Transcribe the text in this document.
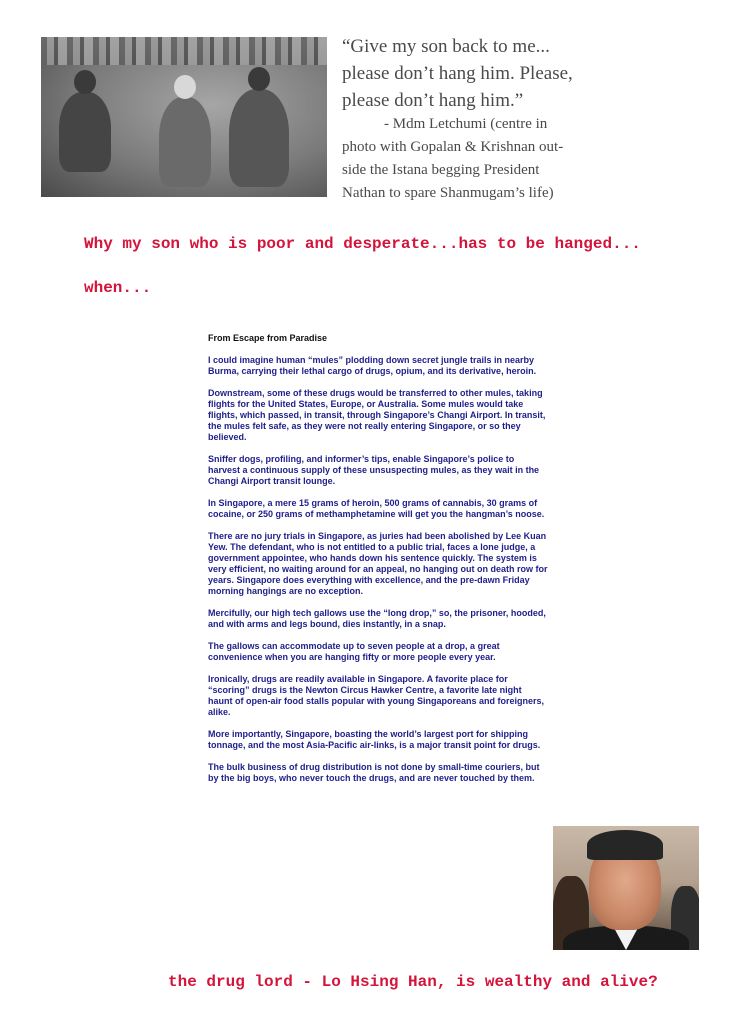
“Give my son back to me...
please don’t hang him. Please,
please don’t hang him.”
- Mdm Letchumi (centre in
photo with Gopalan & Krishnan out-
side the Istana begging President
Nathan to spare Shanmugam’s life)
Why my son who is poor and desperate...has to be hanged...
when...
From Escape from Paradise

I could imagine human “mules” plodding down secret jungle trails in nearby Burma, carrying their lethal cargo of drugs, opium, and its derivative, heroin.

Downstream, some of these drugs would be transferred to other mules, taking flights for the United States, Europe, or Australia. Some mules would take flights, which passed, in transit, through Singapore’s Changi Airport. In transit, the mules felt safe, as they were not really entering Singapore, or so they believed.

Sniffer dogs, profiling, and informer’s tips, enable Singapore’s police to harvest a continuous supply of these unsuspecting mules, as they wait in the Changi Airport transit lounge.

In Singapore, a mere 15 grams of heroin, 500 grams of cannabis, 30 grams of cocaine, or 250 grams of methamphetamine will get you the hangman’s noose.

There are no jury trials in Singapore, as juries had been abolished by Lee Kuan Yew. The defendant, who is not entitled to a public trial, faces a lone judge, a government appointee, who hands down his sentence quickly. The system is very efficient, no waiting around for an appeal, no hanging out on death row for years. Singapore does everything with excellence, and the pre-dawn Friday morning hangings are no exception.

Mercifully, our high tech gallows use the “long drop,” so, the prisoner, hooded, and with arms and legs bound, dies instantly, in a snap.

The gallows can accommodate up to seven people at a drop, a great convenience when you are hanging fifty or more people every year.

Ironically, drugs are readily available in Singapore. A favorite place for “scoring” drugs is the Newton Circus Hawker Centre, a favorite late night haunt of open-air food stalls popular with young Singaporeans and foreigners, alike.

More importantly, Singapore, boasting the world’s largest port for shipping tonnage, and the most Asia-Pacific air-links, is a major transit point for drugs.

The bulk business of drug distribution is not done by small-time couriers, but by the big boys, who never touch the drugs, and are never touched by them.

the drug lord - Lo Hsing Han, is wealthy and alive?
